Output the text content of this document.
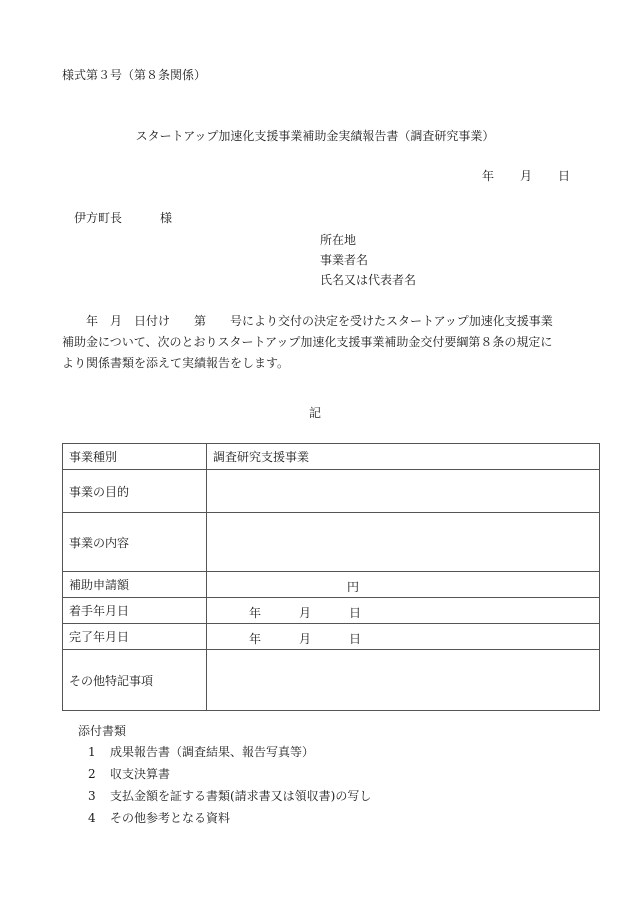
様式第３号（第８条関係）
スタートアップ加速化支援事業補助金実績報告書（調査研究事業）
年 月 日
伊方町長	様
所在地
事業者名
氏名又は代表者名
年　月　日付け　　第　　号により交付の決定を受けたスタートアップ加速化支援事業
補助金について、次のとおりスタートアップ加速化支援事業補助金交付要綱第８条の規定に
より関係書類を添えて実績報告をします。
記
事業種別	調査研究支援事業
事業の目的	
事業の内容	
補助申請額	円

着手年月日	年 月 日

完了年月日	年 月 日

その他特記事項	
添付書類
1 成果報告書（調査結果、報告写真等）
2 収支決算書
3 支払金額を証する書類(請求書又は領収書)の写し
4 その他参考となる資料
